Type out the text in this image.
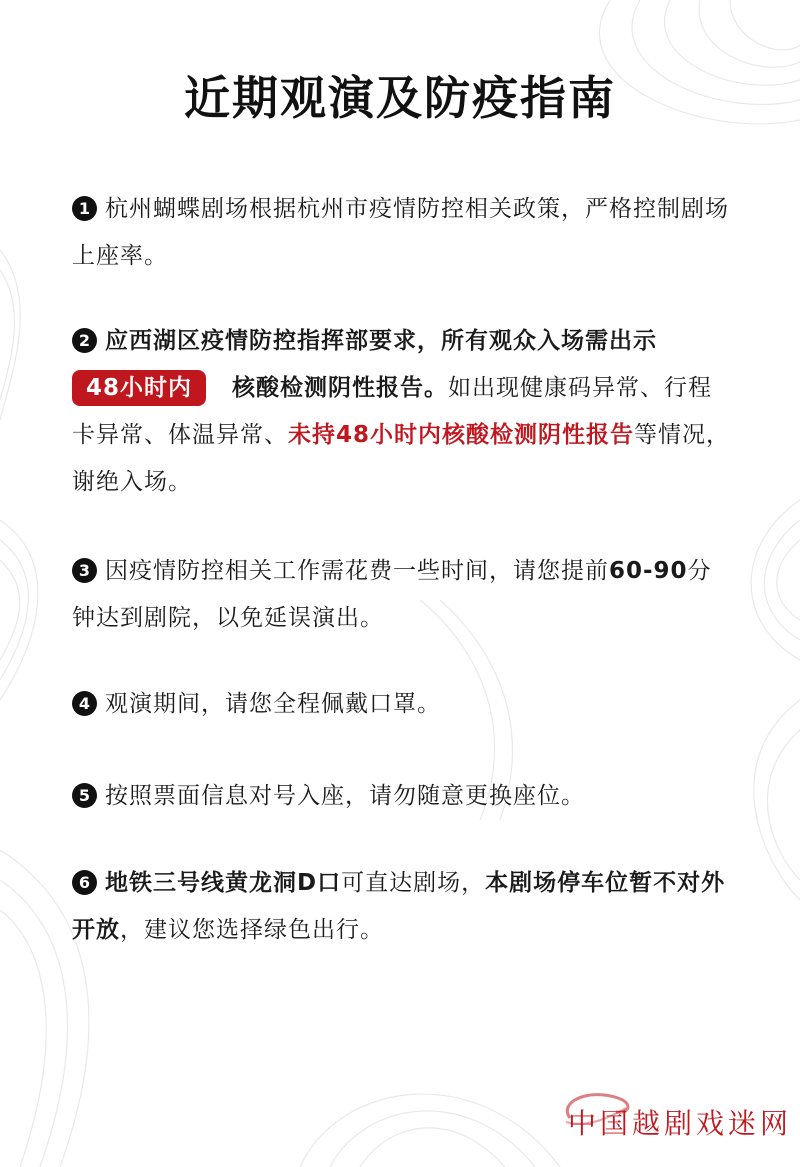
近期观演及防疫指南
1 杭州蝴蝶剧场根据杭州市疫情防控相关政策，严格控制剧场上座率。
2 应西湖区疫情防控指挥部要求，所有观众入场需出示48小时内 核酸检测阴性报告。如出现健康码异常、行程卡异常、体温异常、未持48小时内核酸检测阴性报告等情况，谢绝入场。
3 因疫情防控相关工作需花费一些时间，请您提前60-90分钟达到剧院，以免延误演出。
4 观演期间，请您全程佩戴口罩。
5 按照票面信息对号入座，请勿随意更换座位。
6 地铁三号线黄龙洞D口可直达剧场，本剧场停车位暂不对外开放，建议您选择绿色出行。
中国越剧戏迷网
